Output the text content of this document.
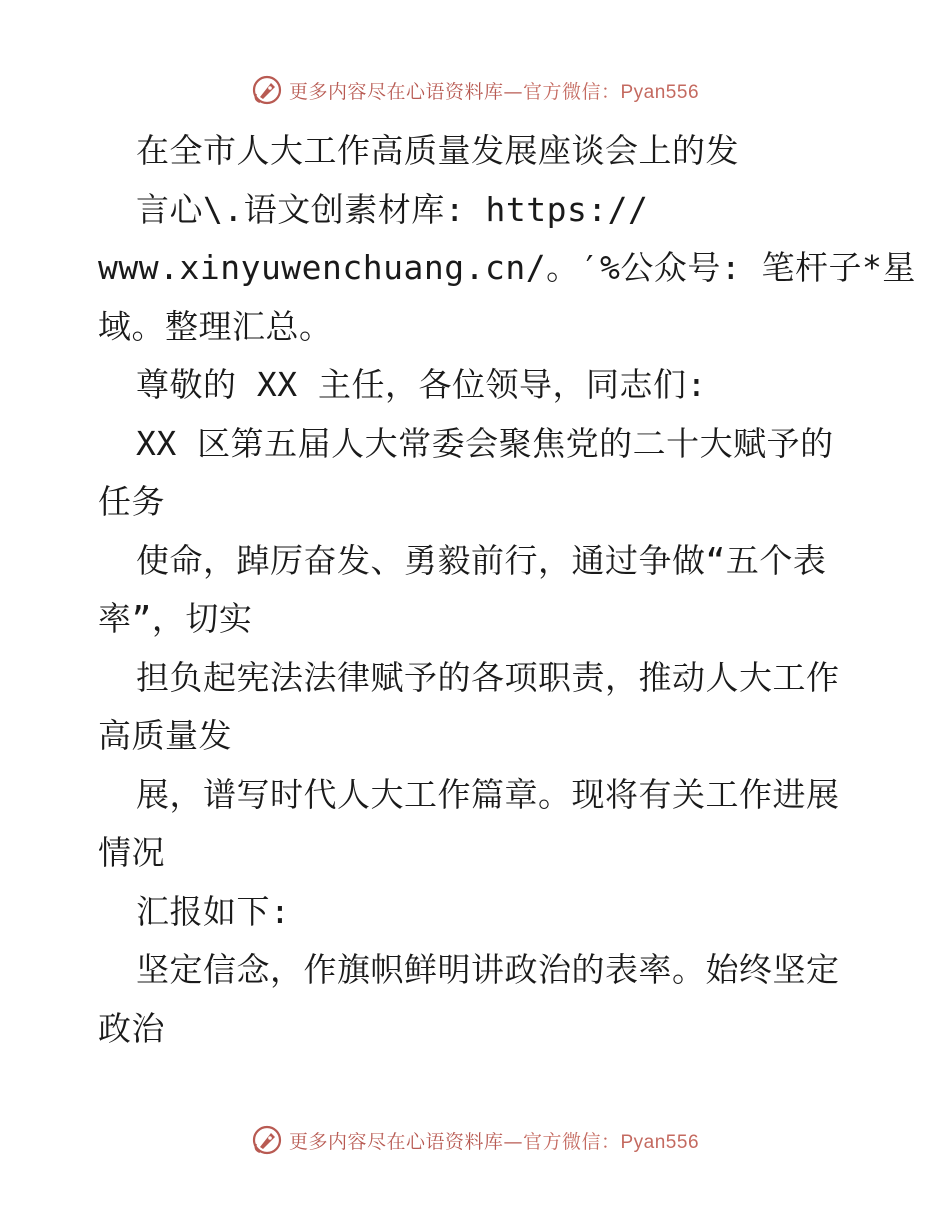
更多内容尽在心语资料库—官方微信：Pyan556
在全市人大工作高质量发展座谈会上的发
言心\.语文创素材库: https://
www.xinyuwenchuang.cn/。′%公众号: 笔杆子*星
域。整理汇总。
尊敬的 XX 主任，各位领导，同志们:
XX 区第五届人大常委会聚焦党的二十大赋予的
任务
使命，踔厉奋发、勇毅前行，通过争做“五个表
率”，切实
担负起宪法法律赋予的各项职责，推动人大工作
高质量发
展，谱写时代人大工作篇章。现将有关工作进展
情况
汇报如下:
坚定信念，作旗帜鲜明讲政治的表率。始终坚定
政治
更多内容尽在心语资料库—官方微信：Pyan556
